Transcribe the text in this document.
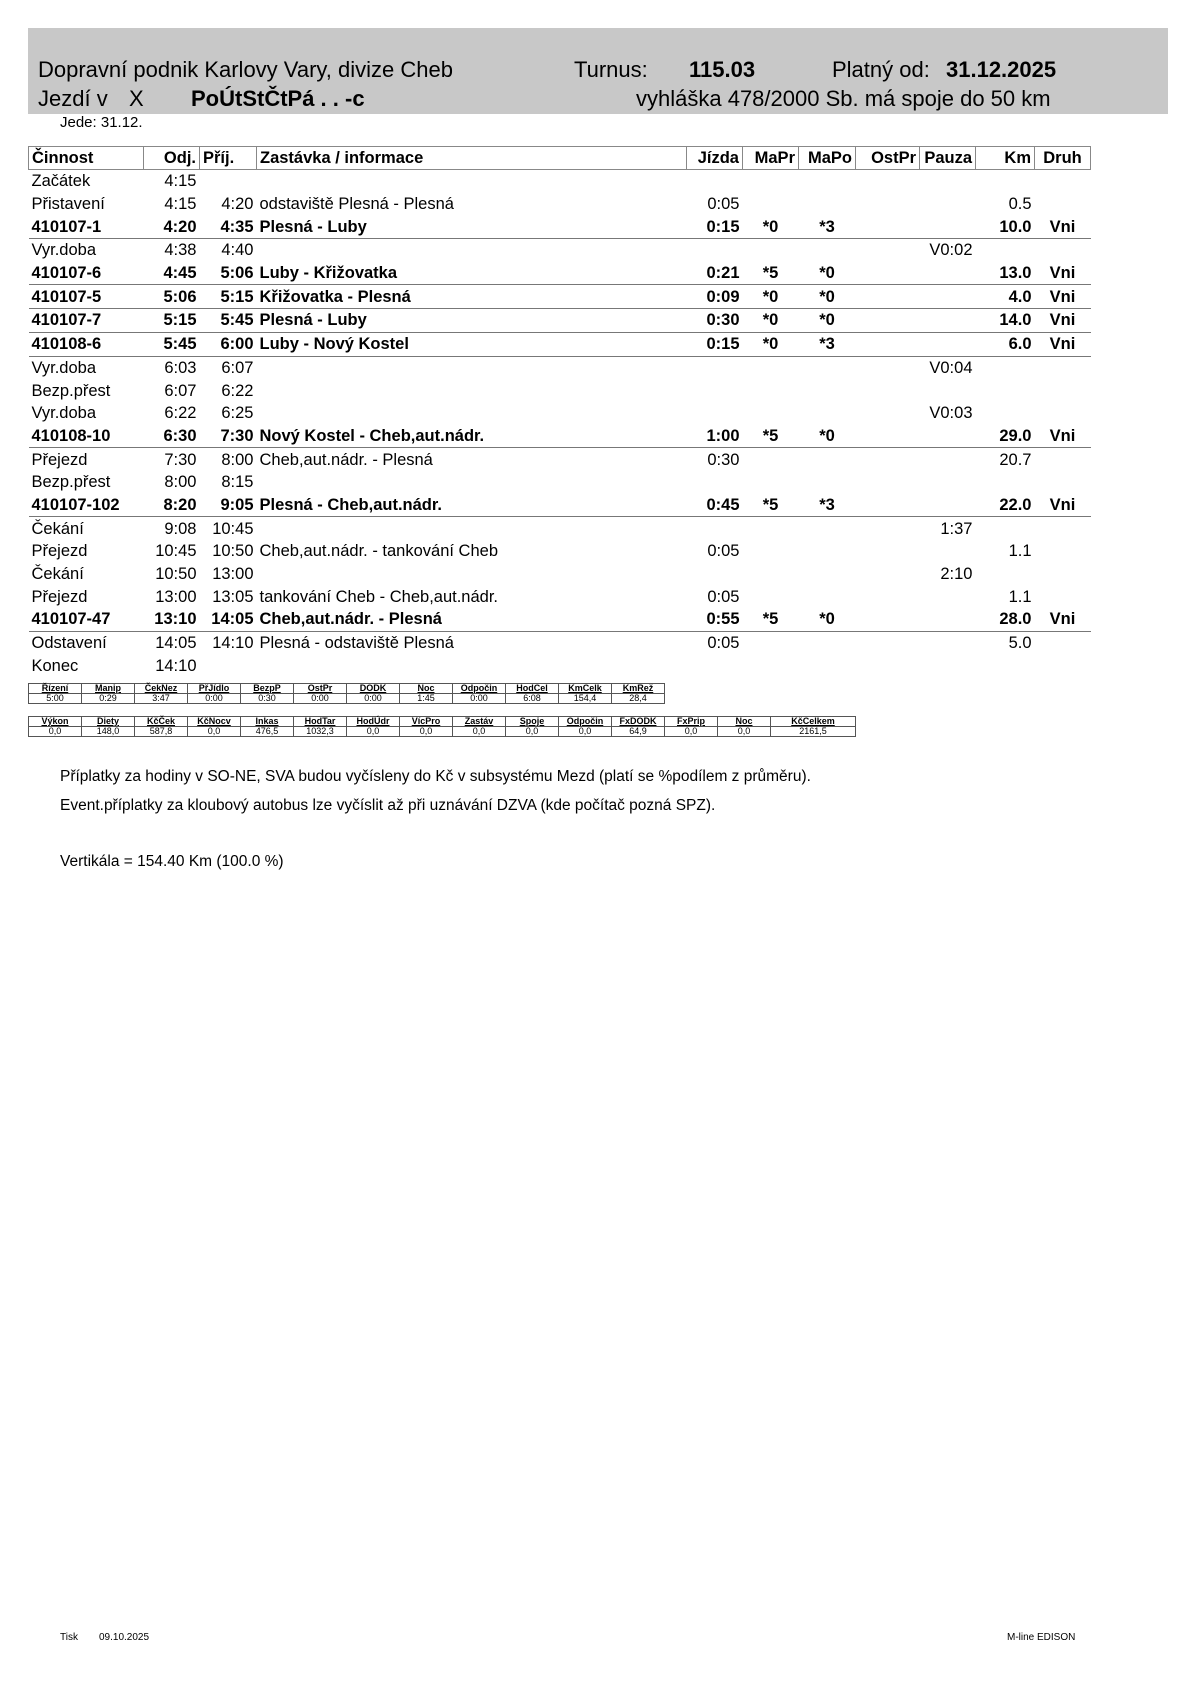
Dopravní podnik Karlovy Vary, divize Cheb	Turnus: 115.03	Platný od: 31.12.2025
Jezdí v X PoÚtStČtPá . . -c	vyhláška 478/2000 Sb. má spoje do 50 km
Jede: 31.12.
Činnost	Odj.	Příj.	Zastávka / informace	Jízda	MaPr	MaPo	OstPr	Pauza	Km	Druh
Začátek	4:15									
Přistavení	4:15	4:20	odstaviště Plesná - Plesná	0:05					0.5	
410107-1	4:20	4:35	Plesná - Luby	0:15	*0	*3			10.0	Vni
Vyr.doba	4:38	4:40						V0:02		
410107-6	4:45	5:06	Luby - Křižovatka	0:21	*5	*0			13.0	Vni
410107-5	5:06	5:15	Křižovatka - Plesná	0:09	*0	*0			4.0	Vni
410107-7	5:15	5:45	Plesná - Luby	0:30	*0	*0			14.0	Vni
410108-6	5:45	6:00	Luby - Nový Kostel	0:15	*0	*3			6.0	Vni
Vyr.doba	6:03	6:07						V0:04		
Bezp.přest	6:07	6:22								
Vyr.doba	6:22	6:25						V0:03		
410108-10	6:30	7:30	Nový Kostel - Cheb,aut.nádr.	1:00	*5	*0			29.0	Vni
Přejezd	7:30	8:00	Cheb,aut.nádr. - Plesná	0:30					20.7	
Bezp.přest	8:00	8:15								
410107-102	8:20	9:05	Plesná - Cheb,aut.nádr.	0:45	*5	*3			22.0	Vni
Čekání	9:08	10:45						1:37		
Přejezd	10:45	10:50	Cheb,aut.nádr. - tankování Cheb	0:05					1.1	
Čekání	10:50	13:00						2:10		
Přejezd	13:00	13:05	tankování Cheb - Cheb,aut.nádr.	0:05					1.1	
410107-47	13:10	14:05	Cheb,aut.nádr. - Plesná	0:55	*5	*0			28.0	Vni
Odstavení	14:05	14:10	Plesná - odstaviště Plesná	0:05					5.0	
Konec	14:10									
Řízení	Manip	ČekNez	PřJídlo	BezpP	OstPr	DODK	Noc	Odpočin	HodCel	KmCelk	KmRež
5:00	0:29	3:47	0:00	0:30	0:00	0:00	1:45	0:00	6:08	154,4	28,4
Výkon	Diety	KčČek	KčNocv	Inkas	HodTar	HodÚdr	VícPro	Zastáv	Spoje	Odpočin	FxDODK	FxPrip	Noc	KčCelkem
0,0	148,0	587,8	0,0	476,5	1032,3	0,0	0,0	0,0	0,0	0,0	64,9	0,0	0,0	2161,5
Příplatky za hodiny v SO-NE, SVA budou vyčísleny do Kč v subsystému Mezd (platí se %podílem z průměru).
Event.příplatky za kloubový autobus lze vyčíslit až při uznávání DZVA (kde počítač pozná SPZ).
Vertikála = 154.40 Km (100.0 %)
Tisk 09.10.2025	M-line EDISON
